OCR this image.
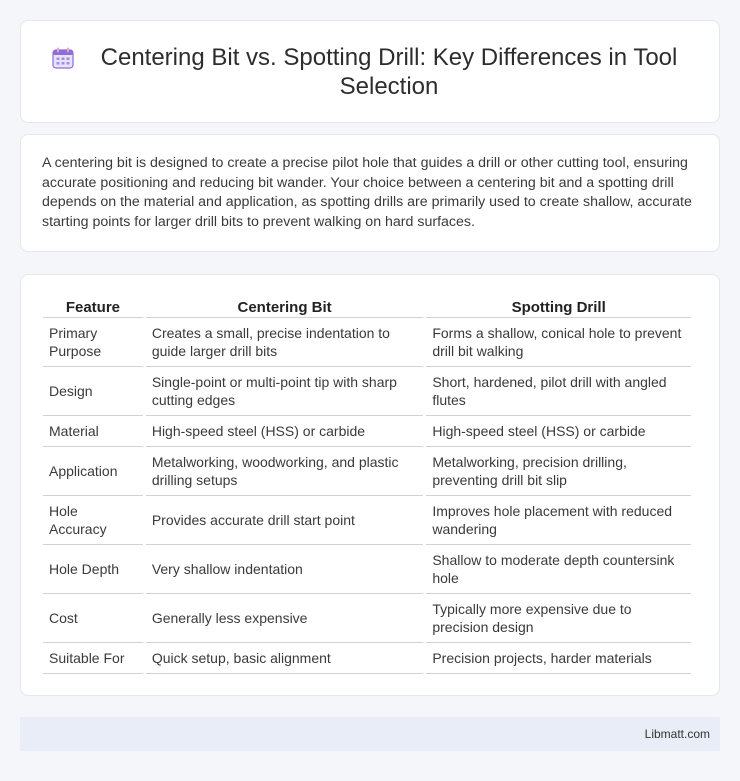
Centering Bit vs. Spotting Drill: Key Differences in Tool Selection

A centering bit is designed to create a precise pilot hole that guides a drill or other cutting tool, ensuring accurate positioning and reducing bit wander. Your choice between a centering bit and a spotting drill depends on the material and application, as spotting drills are primarily used to create shallow, accurate starting points for larger drill bits to prevent walking on hard surfaces.

Feature	Centering Bit	Spotting Drill
Primary Purpose	Creates a small, precise indentation to guide larger drill bits	Forms a shallow, conical hole to prevent drill bit walking
Design	Single-point or multi-point tip with sharp cutting edges	Short, hardened, pilot drill with angled flutes
Material	High-speed steel (HSS) or carbide	High-speed steel (HSS) or carbide
Application	Metalworking, woodworking, and plastic drilling setups	Metalworking, precision drilling, preventing drill bit slip
Hole Accuracy	Provides accurate drill start point	Improves hole placement with reduced wandering
Hole Depth	Very shallow indentation	Shallow to moderate depth countersink hole
Cost	Generally less expensive	Typically more expensive due to precision design
Suitable For	Quick setup, basic alignment	Precision projects, harder materials
Libmatt.com
